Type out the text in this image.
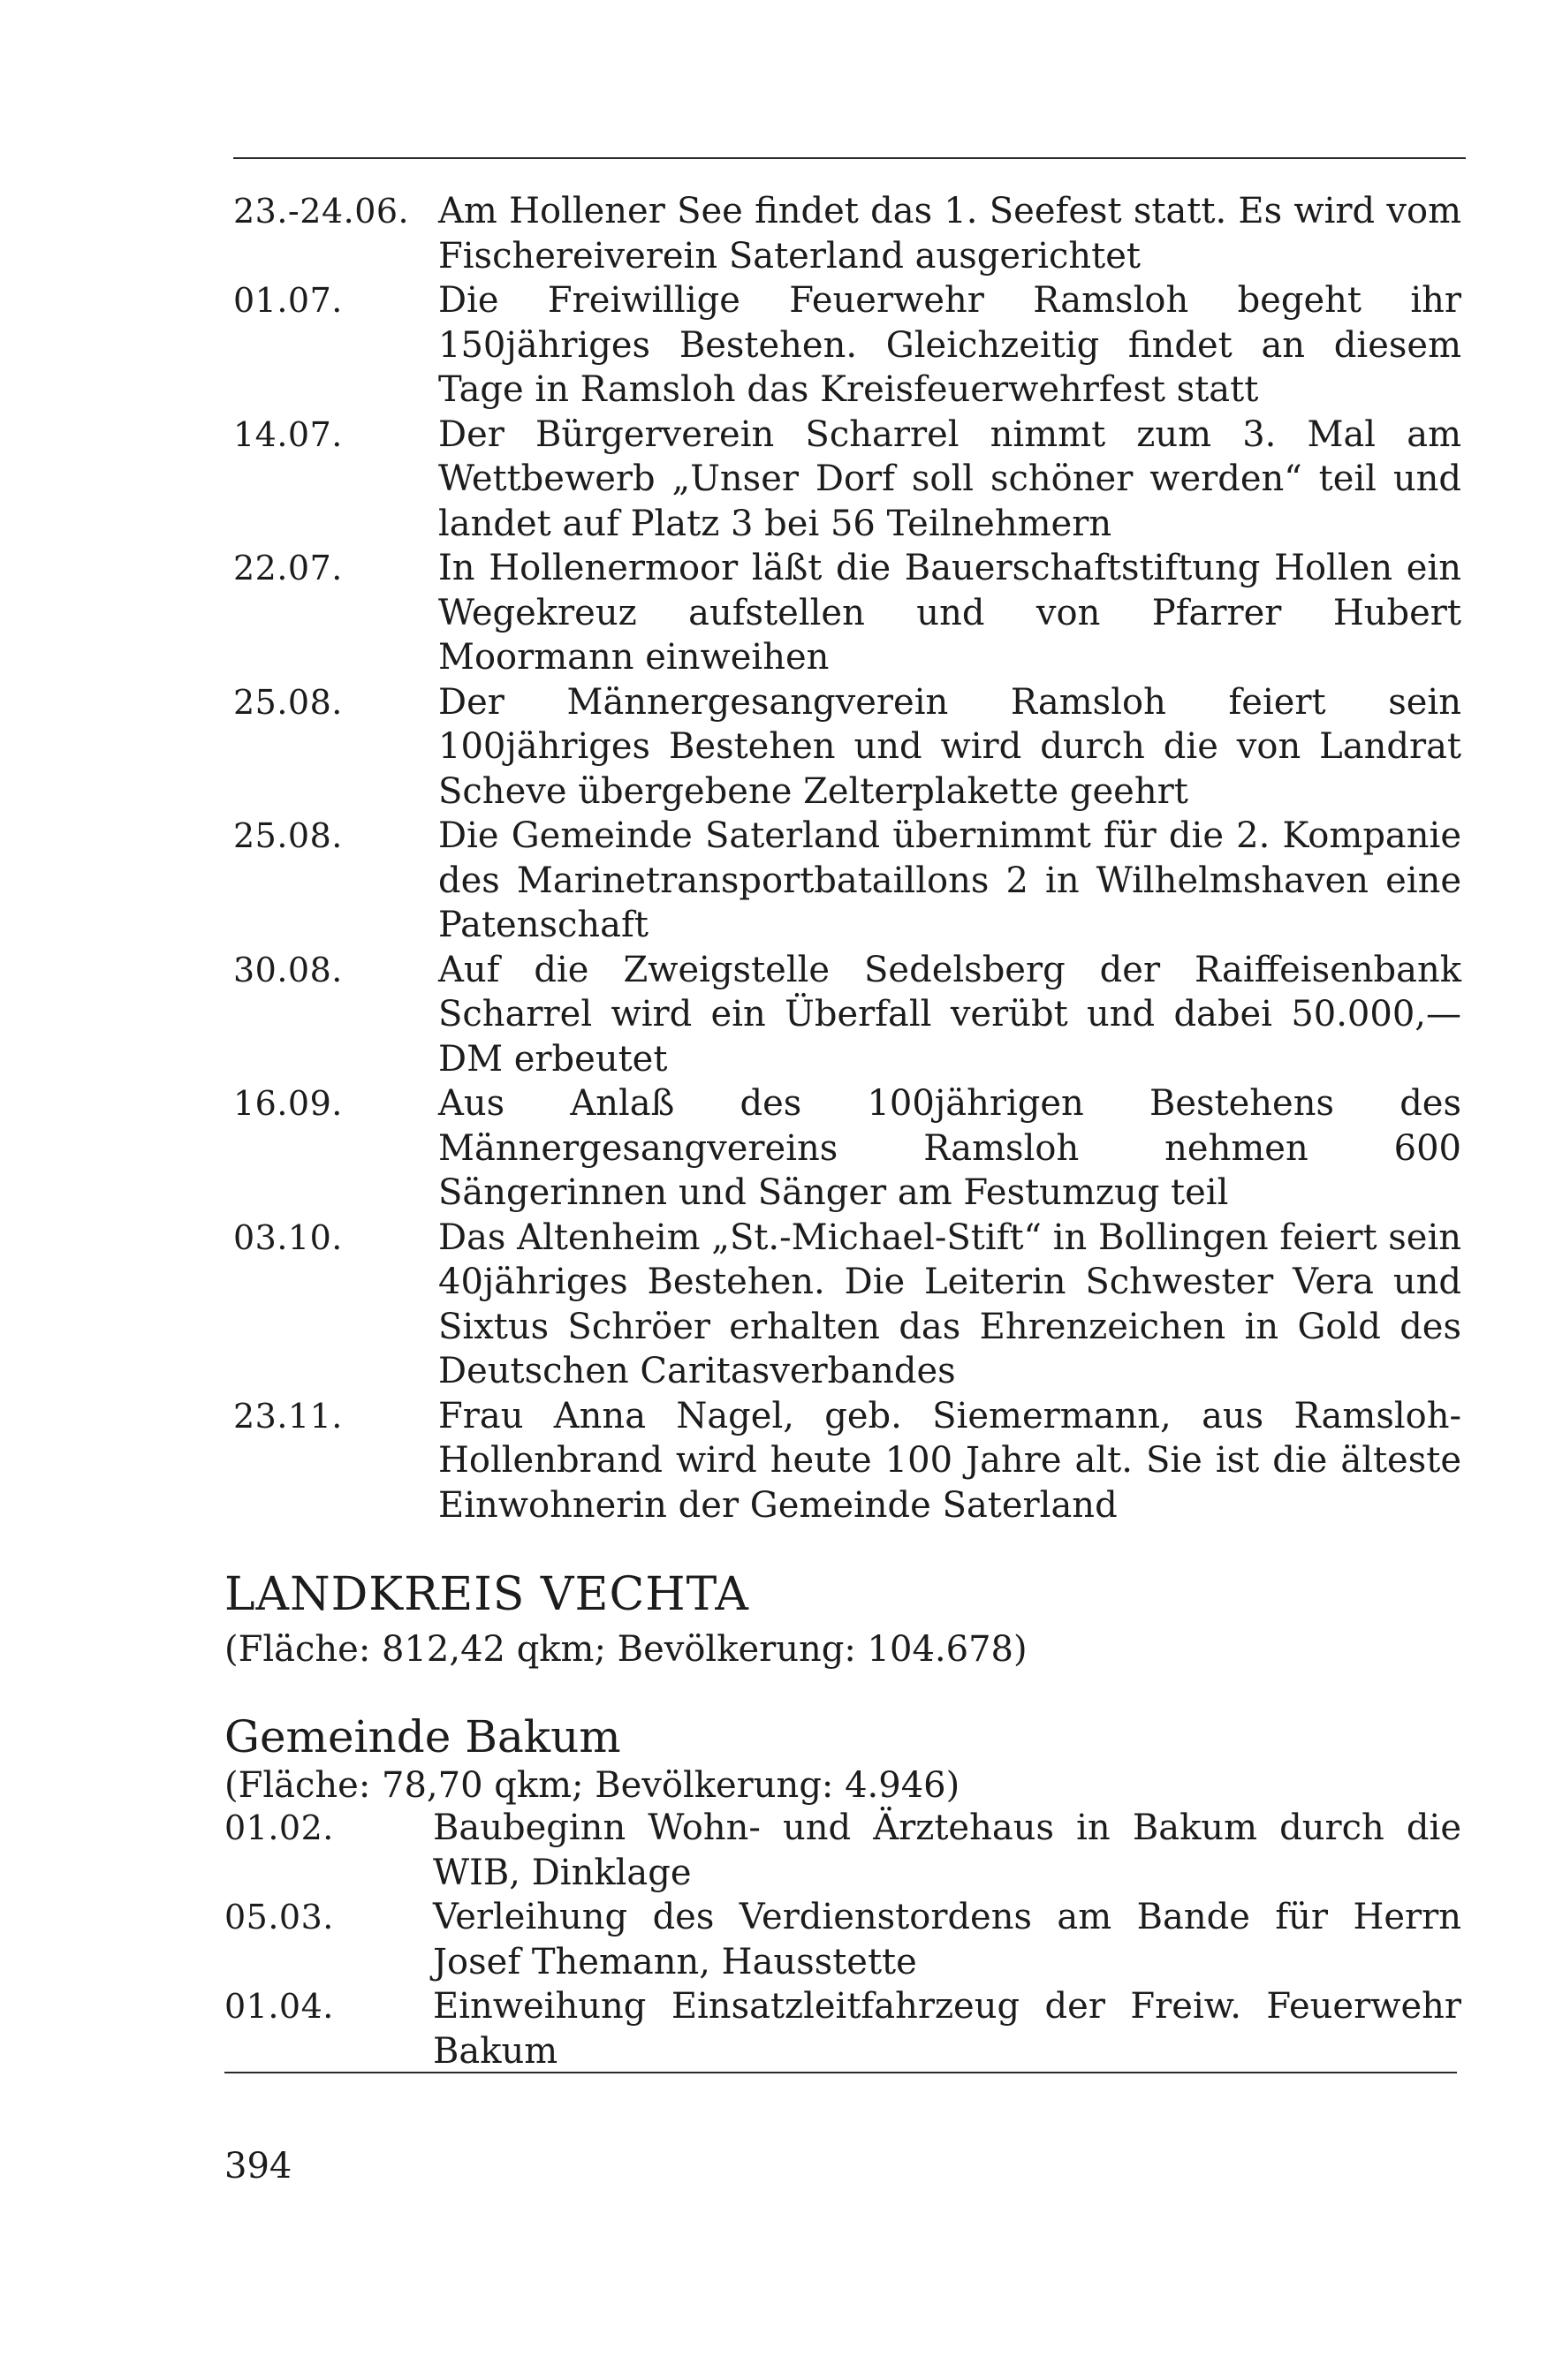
23.-24.06. Am Hollener See findet das 1. Seefest statt. Es wird vom Fischereiverein Saterland ausgerichtet

01.07.	Die Freiwillige Feuerwehr Ramsloh begeht ihr 150jähriges Bestehen. Gleichzeitig findet an diesem Tage in Ramsloh das Kreisfeuerwehrfest statt

14.07.	Der Bürgerverein Scharrel nimmt zum 3. Mal am Wettbewerb „Unser Dorf soll schöner werden“ teil und landet auf Platz 3 bei 56 Teilnehmern

22.07.	In Hollenermoor läßt die Bauerschaftstiftung Hollen ein Wegekreuz aufstellen und von Pfarrer Hubert Moormann einweihen

25.08.	Der Männergesangverein Ramsloh feiert sein 100jähriges Bestehen und wird durch die von Landrat Scheve übergebene Zelterplakette geehrt

25.08.	Die Gemeinde Saterland übernimmt für die 2. Kompanie des Marinetransportbataillons 2 in Wilhelmshaven eine Patenschaft

30.08.	Auf die Zweigstelle Sedelsberg der Raiffeisenbank Scharrel wird ein Überfall verübt und dabei 50.000,— DM erbeutet

16.09.	Aus Anlaß des 100jährigen Bestehens des Männergesangvereins Ramsloh nehmen 600 Sängerinnen und Sänger am Festumzug teil

03.10.	Das Altenheim „St.-Michael-Stift“ in Bollingen feiert sein 40jähriges Bestehen. Die Leiterin Schwester Vera und Sixtus Schröer erhalten das Ehrenzeichen in Gold des Deutschen Caritasverbandes

23.11.	Frau Anna Nagel, geb. Siemermann, aus Ramsloh-Hollenbrand wird heute 100 Jahre alt. Sie ist die älteste Einwohnerin der Gemeinde Saterland

LANDKREIS VECHTA

(Fläche: 812,42 qkm; Bevölkerung: 104.678)

Gemeinde Bakum

(Fläche: 78,70 qkm; Bevölkerung: 4.946)

01.02.	Baubeginn Wohn- und Ärztehaus in Bakum durch die WIB, Dinklage

05.03.	Verleihung des Verdienstordens am Bande für Herrn Josef Themann, Hausstette

01.04.	Einweihung Einsatzleitfahrzeug der Freiw. Feuerwehr Bakum

394
